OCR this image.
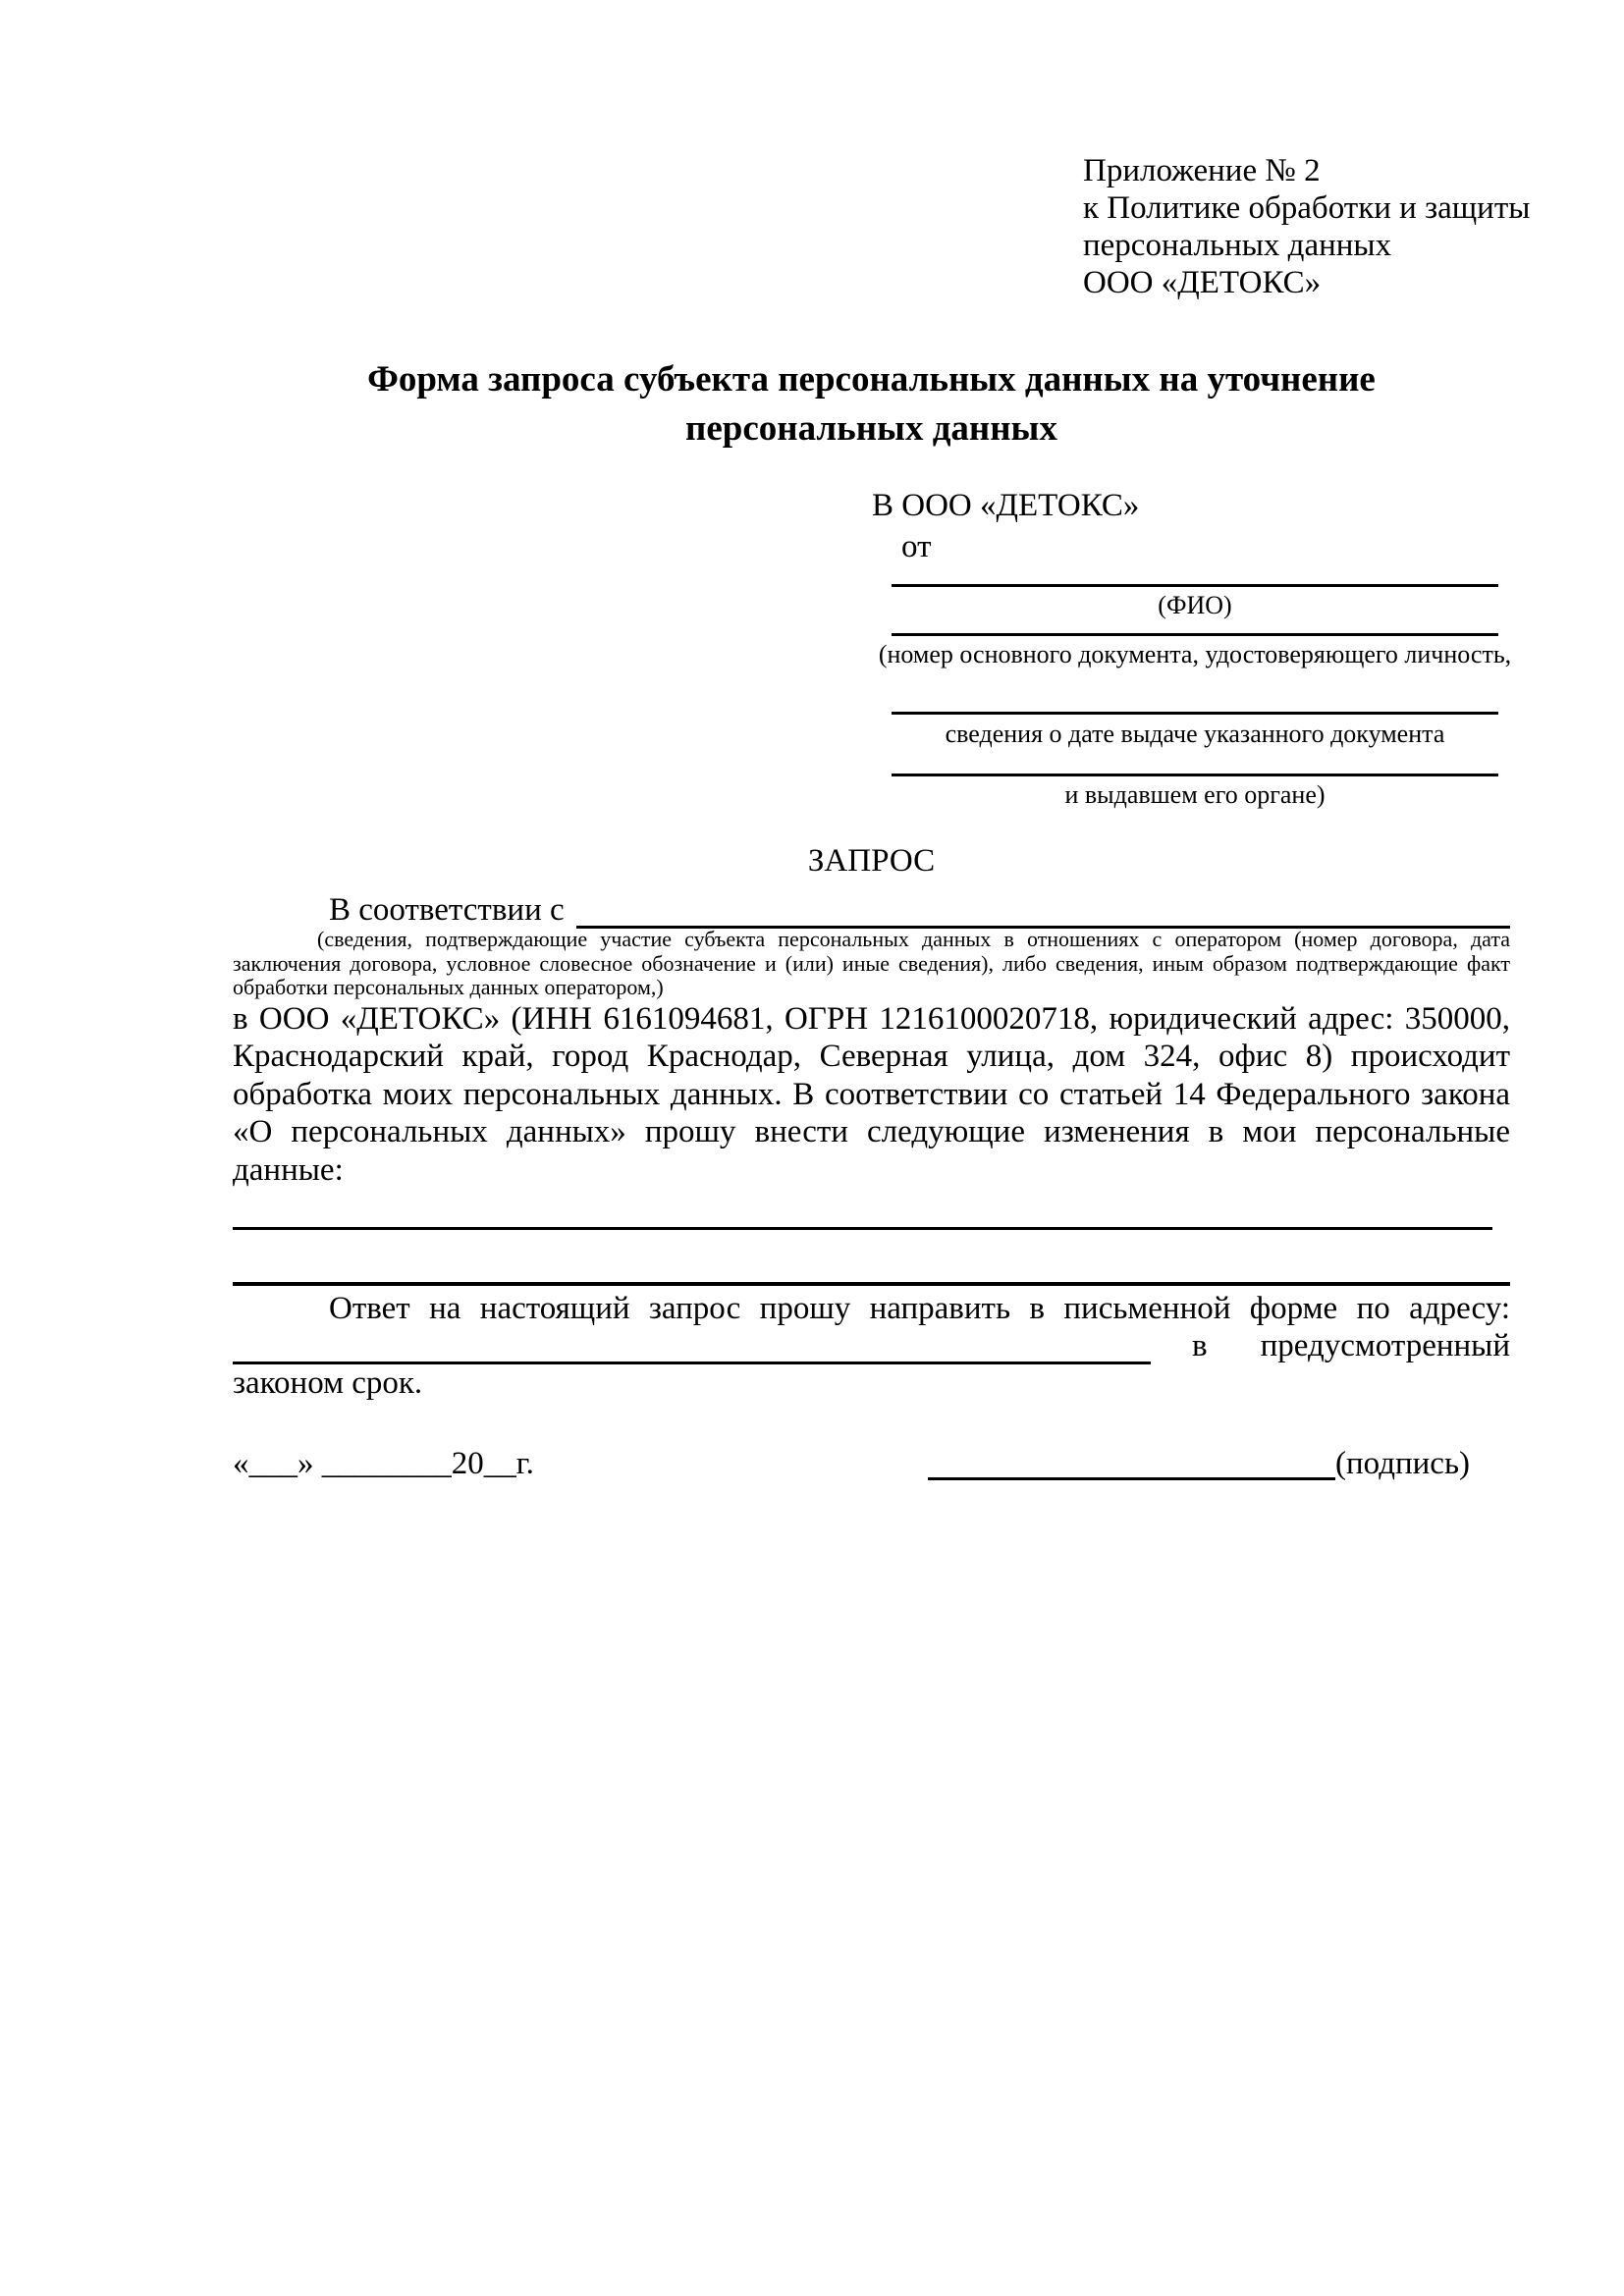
Приложение № 2
к Политике обработки и защиты
персональных данных
ООО «ДЕТОКС»
Форма запроса субъекта персональных данных на уточнение
персональных данных
В ООО «ДЕТОКС»
от
(ФИО)
(номер основного документа, удостоверяющего личность,
сведения о дате выдаче указанного документа
и выдавшем его органе)
ЗАПРОС
В соответствии с
(сведения, подтверждающие участие субъекта персональных данных в отношениях с оператором (номер договора, дата
заключения договора, условное словесное обозначение и (или) иные сведения), либо сведения, иным образом подтверждающие факт
обработки персональных данных оператором,)
в ООО «ДЕТОКС» (ИНН 6161094681, ОГРН 1216100020718, юридический адрес: 350000,
Краснодарский край, город Краснодар, Северная улица, дом 324, офис 8) происходит
обработка моих персональных данных. В соответствии со статьей 14 Федерального закона
«О персональных данных» прошу внести следующие изменения в мои персональные
данные:
Ответ на настоящий запрос прошу направить в письменной форме по адресу:
в предусмотренный
законом срок.
«___» ________20__г.	(подпись)
